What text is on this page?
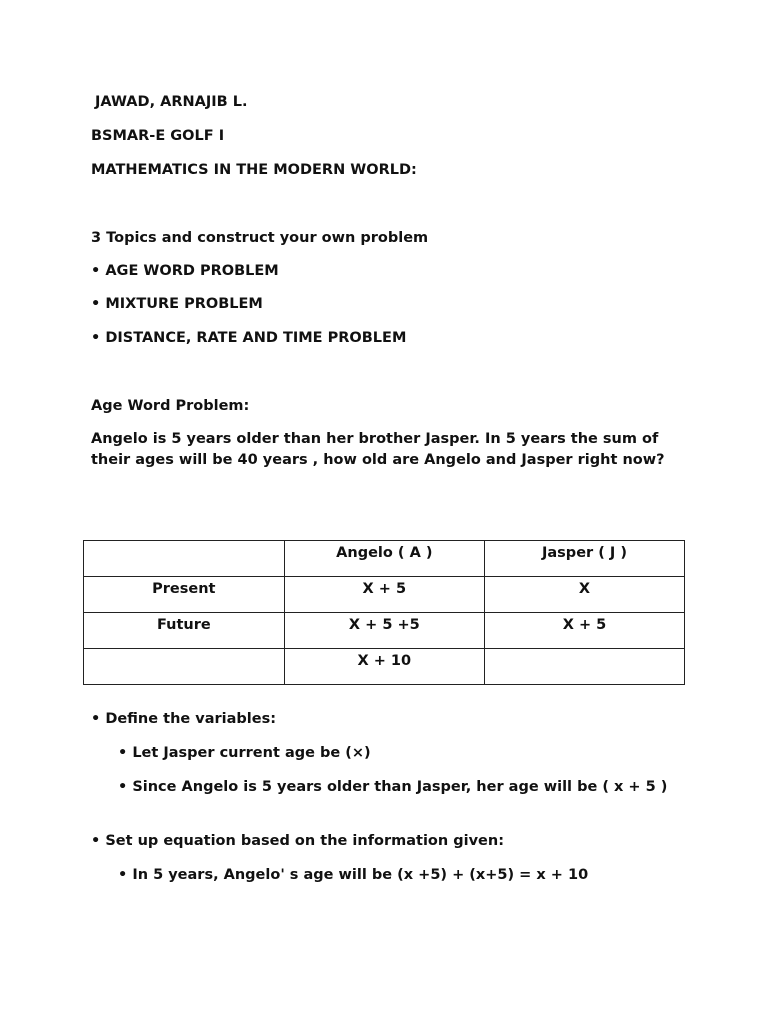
JAWAD, ARNAJIB L.
BSMAR-E GOLF I
MATHEMATICS IN THE MODERN WORLD:
3 Topics and construct your own problem
• AGE WORD PROBLEM
• MIXTURE PROBLEM
• DISTANCE, RATE AND TIME PROBLEM
Age Word Problem:
Angelo is 5 years older than her brother Jasper. In 5 years the sum of their ages will be 40 years , how old are Angelo and Jasper right now?
	Angelo ( A )	Jasper ( J )
Present	X + 5	X
Future	X + 5 +5	X + 5
	X + 10	
• Define the variables:
• Let Jasper current age be (×)
• Since Angelo is 5 years older than Jasper, her age will be ( x + 5 )
• Set up equation based on the information given:
• In 5 years, Angelo' s age will be (x +5) + (x+5) = x + 10
